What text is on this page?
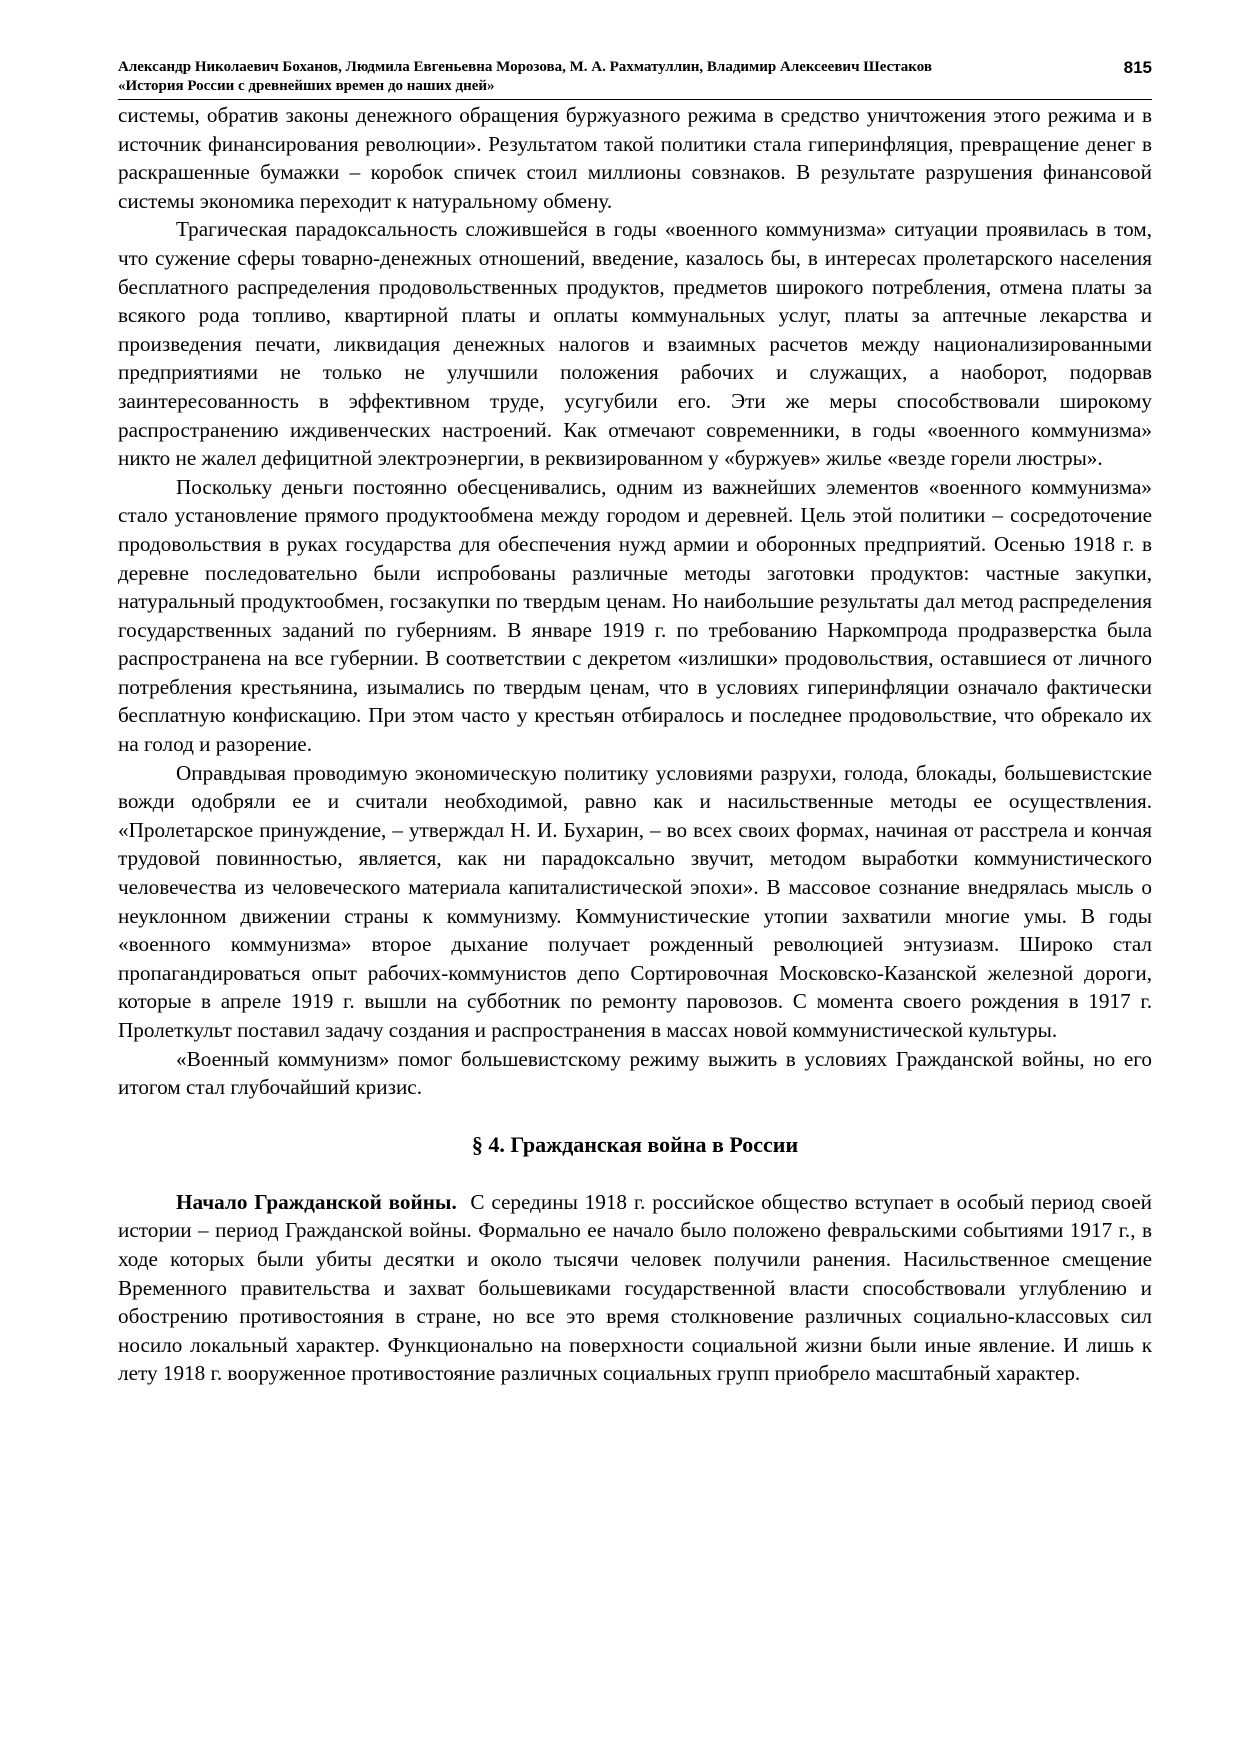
Александр Николаевич Боханов, Людмила Евгеньевна Морозова, М. А. Рахматуллин, Владимир Алексеевич Шестаков
«История России с древнейших времен до наших дней»
815

системы, обратив законы денежного обращения буржуазного режима в средство уничтожения этого режима и в источник финансирования революции». Результатом такой политики стала гиперинфляция, превращение денег в раскрашенные бумажки – коробок спичек стоил миллионы совзнаков. В результате разрушения финансовой системы экономика переходит к натуральному обмену.

Трагическая парадоксальность сложившейся в годы «военного коммунизма» ситуации проявилась в том, что сужение сферы товарно-денежных отношений, введение, казалось бы, в интересах пролетарского населения бесплатного распределения продовольственных продуктов, предметов широкого потребления, отмена платы за всякого рода топливо, квартирной платы и оплаты коммунальных услуг, платы за аптечные лекарства и произведения печати, ликвидация денежных налогов и взаимных расчетов между национализированными предприятиями не только не улучшили положения рабочих и служащих, а наоборот, подорвав заинтересованность в эффективном труде, усугубили его. Эти же меры способствовали широкому распространению иждивенческих настроений. Как отмечают современники, в годы «военного коммунизма» никто не жалел дефицитной электроэнергии, в реквизированном у «буржуев» жилье «везде горели люстры».

Поскольку деньги постоянно обесценивались, одним из важнейших элементов «военного коммунизма» стало установление прямого продуктообмена между городом и деревней. Цель этой политики – сосредоточение продовольствия в руках государства для обеспечения нужд армии и оборонных предприятий. Осенью 1918 г. в деревне последовательно были испробованы различные методы заготовки продуктов: частные закупки, натуральный продуктообмен, госзакупки по твердым ценам. Но наибольшие результаты дал метод распределения государственных заданий по губерниям. В январе 1919 г. по требованию Наркомпрода продразверстка была распространена на все губернии. В соответствии с декретом «излишки» продовольствия, оставшиеся от личного потребления крестьянина, изымались по твердым ценам, что в условиях гиперинфляции означало фактически бесплатную конфискацию. При этом часто у крестьян отбиралось и последнее продовольствие, что обрекало их на голод и разорение.

Оправдывая проводимую экономическую политику условиями разрухи, голода, блокады, большевистские вожди одобряли ее и считали необходимой, равно как и насильственные методы ее осуществления. «Пролетарское принуждение, – утверждал Н. И. Бухарин, – во всех своих формах, начиная от расстрела и кончая трудовой повинностью, является, как ни парадоксально звучит, методом выработки коммунистического человечества из человеческого материала капиталистической эпохи». В массовое сознание внедрялась мысль о неуклонном движении страны к коммунизму. Коммунистические утопии захватили многие умы. В годы «военного коммунизма» второе дыхание получает рожденный революцией энтузиазм. Широко стал пропагандироваться опыт рабочих-коммунистов депо Сортировочная Московско-Казанской железной дороги, которые в апреле 1919 г. вышли на субботник по ремонту паровозов. С момента своего рождения в 1917 г. Пролеткульт поставил задачу создания и распространения в массах новой коммунистической культуры.

«Военный коммунизм» помог большевистскому режиму выжить в условиях Гражданской войны, но его итогом стал глубочайший кризис.

§ 4. Гражданская война в России

Начало Гражданской войны. С середины 1918 г. российское общество вступает в особый период своей истории – период Гражданской войны. Формально ее начало было положено февральскими событиями 1917 г., в ходе которых были убиты десятки и около тысячи человек получили ранения. Насильственное смещение Временного правительства и захват большевиками государственной власти способствовали углублению и обострению противостояния в стране, но все это время столкновение различных социально-классовых сил носило локальный характер. Функционально на поверхности социальной жизни были иные явление. И лишь к лету 1918 г. вооруженное противостояние различных социальных групп приобрело масштабный характер.
